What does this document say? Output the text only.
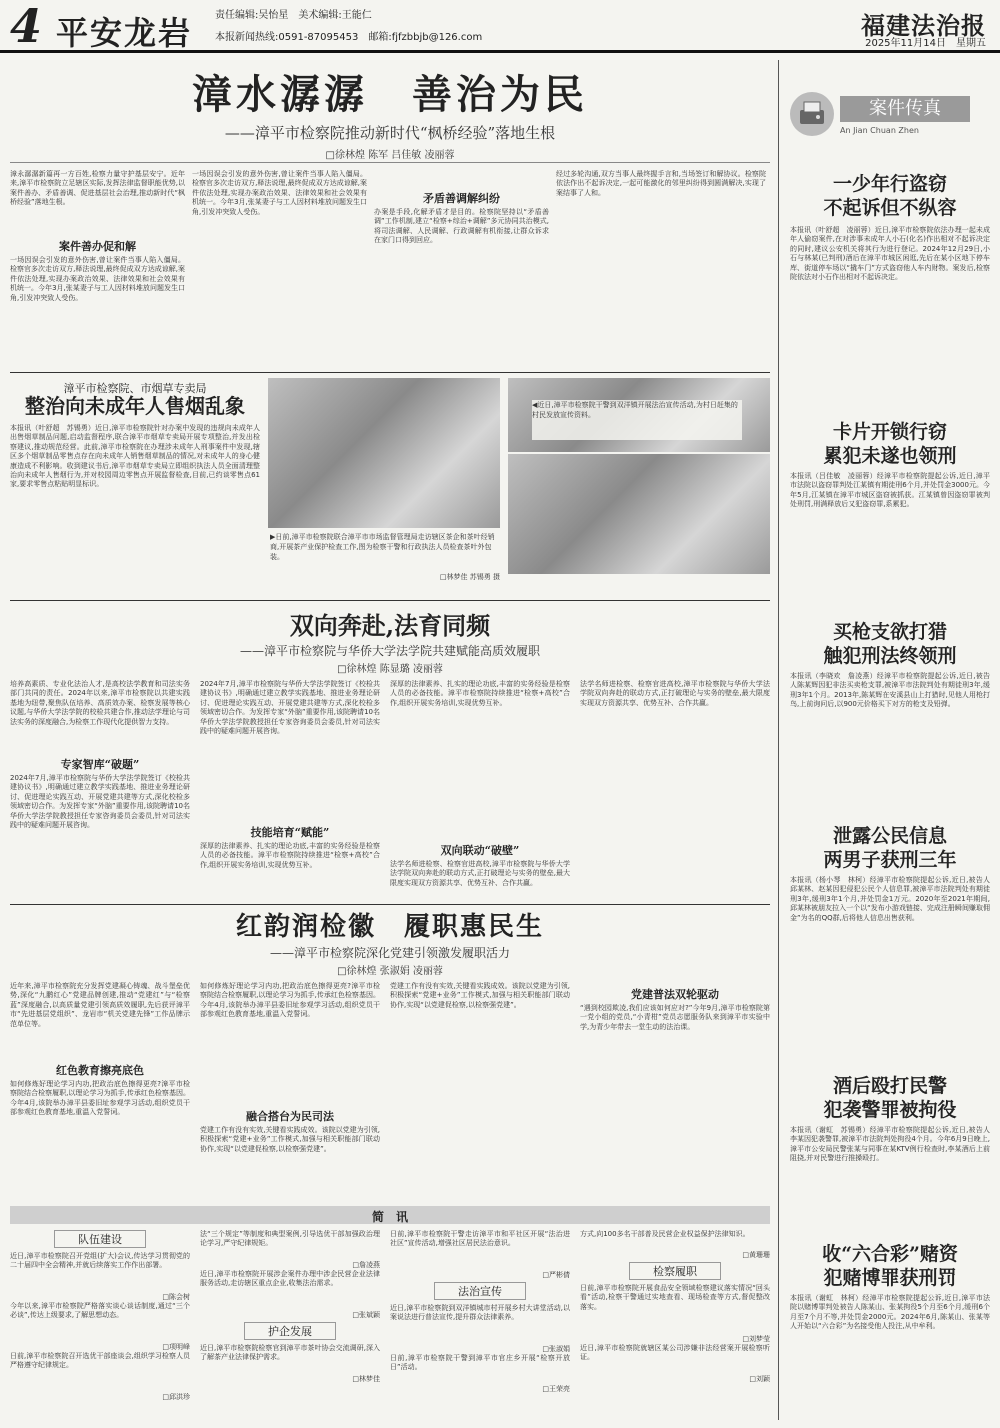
4 平安龙岩 责任编辑:吴怡星　美术编辑:王能仁
本报新闻热线:0591-87095453　邮箱:fjfzbbjb@126.com	福建法治报
2025年11月14日　星期五
漳水潺潺　善治为民
——漳平市检察院推动新时代“枫桥经验”落地生根
□徐林煌 陈军 吕佳敏 凌丽蓉
漳永潺潺新篇再一方百姓,检察力量守护基层安宁。近年来,漳平市检察院立足辖区实际,发挥法律监督职能优势,以案件善办、矛盾善调、促进基层社会治理,推动新时代“枫桥经验”落地生根。
案件善办促和解
一场因误会引发的意外伤害,曾让案件当事人陷入僵局。检察官多次走访双方,释法说理,最终促成双方达成谅解,案件依法处理,实现办案政治效果、法律效果和社会效果有机统一。今年3月,张某妻子与工人因材料堆放问题发生口角,引发冲突致人受伤。
一场因误会引发的意外伤害,曾让案件当事人陷入僵局。检察官多次走访双方,释法说理,最终促成双方达成谅解,案件依法处理,实现办案政治效果、法律效果和社会效果有机统一。今年3月,张某妻子与工人因材料堆放问题发生口角,引发冲突致人受伤。
矛盾善调解纠纷
办案是手段,化解矛盾才是目的。检察院坚持以“矛盾善调”工作机制,建立“检察+综治+调解”多元协同共治模式,将司法调解、人民调解、行政调解有机衔接,让群众诉求在家门口得到回应。
经过多轮沟通,双方当事人最终握手言和,当场签订和解协议。检察院依法作出不起诉决定,一起可能激化的邻里纠纷得到圆满解决,实现了案结事了人和。
漳平市检察院、市烟草专卖局
整治向未成年人售烟乱象
本报讯（叶舒超　苏锡勇）近日,漳平市检察院针对办案中发现的违规向未成年人出售烟草制品问题,启动监督程序,联合漳平市烟草专卖局开展专项整治,并发出检察建议,推动规范经营。此前,漳平市检察院在办理涉未成年人刑事案件中发现,辖区多个烟草制品零售点存在向未成年人销售烟草制品的情况,对未成年人的身心健康造成不利影响。收到建议书后,漳平市烟草专卖局立即组织执法人员全面清理整治向未成年人售烟行为,并对校园周边零售点开展监督检查,目前,已约谈零售点61家,要求零售点粘贴明显标识。
▶日前,漳平市检察院联合漳平市市场监督管理局走访辖区茶企和茶叶经销商,开展茶产业保护检查工作,图为检察干警和行政执法人员检查茶叶外包装。
□林梦佳 苏锡勇 摄
◀近日,漳平市检察院干警到双洋镇开展法治宣传活动,为村日赶集的村民发放宣传资料。
双向奔赴,法育同频
——漳平市检察院与华侨大学法学院共建赋能高质效履职
□徐林煌 陈显璐 凌丽蓉
培养高素质、专业化法治人才,是高校法学教育和司法实务部门共同的责任。2024年以来,漳平市检察院以共建实践基地为纽带,聚焦队伍培养、高质效办案、检察发展等核心议题,与华侨大学法学院的校检共建合作,推动法学理论与司法实务的深度融合,为检察工作现代化提供智力支持。
专家智库“破题”
2024年7月,漳平市检察院与华侨大学法学院签订《校检共建协议书》,明确通过建立教学实践基地、推进业务理论研讨、促进理论实践互动、开展党建共建等方式,深化校检多领域密切合作。为发挥专家“外脑”重要作用,该院聘请10名华侨大学法学院教授担任专家咨询委员会委员,针对司法实践中的疑难问题开展咨询。
2024年7月,漳平市检察院与华侨大学法学院签订《校检共建协议书》,明确通过建立教学实践基地、推进业务理论研讨、促进理论实践互动、开展党建共建等方式,深化校检多领域密切合作。为发挥专家“外脑”重要作用,该院聘请10名华侨大学法学院教授担任专家咨询委员会委员,针对司法实践中的疑难问题开展咨询。
技能培育“赋能”
深厚的法律素养、扎实的理论功底,丰富的实务经验是检察人员的必备技能。漳平市检察院持续推进“检察+高校”合作,组织开展实务培训,实现优势互补。
深厚的法律素养、扎实的理论功底,丰富的实务经验是检察人员的必备技能。漳平市检察院持续推进“检察+高校”合作,组织开展实务培训,实现优势互补。
双向联动“破壁”
法学名师进检察、检察官进高校,漳平市检察院与华侨大学法学院双向奔赴的联动方式,正打破理论与实务的壁垒,最大限度实现双方资源共享、优势互补、合作共赢。
法学名师进检察、检察官进高校,漳平市检察院与华侨大学法学院双向奔赴的联动方式,正打破理论与实务的壁垒,最大限度实现双方资源共享、优势互补、合作共赢。
红韵润检徽　履职惠民生
——漳平市检察院深化党建引领激发履职活力
□徐林煌 张淑娟 凌丽蓉
近年来,漳平市检察院充分发挥党建凝心铸魂、战斗堡垒优势,深化“九鹏红心”党建品牌创建,推动“党建红”与“检察蓝”深度融合,以高质量党建引领高质效履职,先后获评漳平市“先进基层党组织”、龙岩市“机关党建先锋”工作品牌示范单位等。
红色教育擦亮底色
如何修炼好理论学习内功,把政治底色擦得更亮?漳平市检察院结合检察履职,以理论学习为抓手,传承红色检察基因。今年4月,该院举办漳平县委旧址参观学习活动,组织党员干部参观红色教育基地,重温入党誓词。
如何修炼好理论学习内功,把政治底色擦得更亮?漳平市检察院结合检察履职,以理论学习为抓手,传承红色检察基因。今年4月,该院举办漳平县委旧址参观学习活动,组织党员干部参观红色教育基地,重温入党誓词。
融合搭台为民司法
党建工作有没有实效,关键看实践成效。该院以党建为引领,积极探索“党建+业务”工作模式,加强与相关职能部门联动协作,实现“以党建促检察,以检察强党建”。
党建工作有没有实效,关键看实践成效。该院以党建为引领,积极探索“党建+业务”工作模式,加强与相关职能部门联动协作,实现“以党建促检察,以检察强党建”。
党建普法双轮驱动
“遇到校园欺凌,我们应该如何应对?”今年9月,漳平市检察院第一党小组的党员,“小青柑”党员志愿服务队来到漳平市实验中学,为青少年带去一堂生动的法治课。
简　讯
队伍建设
近日,漳平市检察院召开党组(扩大)会议,传达学习贯彻党的二十届四中全会精神,并就后续落实工作作出部署。
□陈会树
今年以来,漳平市检察院严格落实谈心谈话制度,通过“三个必谈”,传达上级要求,了解思想动态。
□项明峰
日前,漳平市检察院召开选优干部座谈会,组织学习检察人员严格遵守纪律规定。
□邱洪珍
法“三个规定”等制度和典型案例,引导选优干部加强政治理论学习,严守纪律规矩。
□詹凌燕
近日,漳平市检察院开展涉企案件办理中涉企民营企业法律服务活动,走访辖区重点企业,收集法治需求。
□张斌颖
护企发展
近日,漳平市检察院检察官到漳平市茶叶协会交流调研,深入了解茶产业法律保护需求。
□林梦佳
日前,漳平市检察院干警走访漳平市和平社区开展“法治进社区”宣传活动,增强社区居民法治意识。
□严彬倩
法治宣传
近日,漳平市检察院到双洋镇城市村开展乡村大讲堂活动,以案说法进行普法宣传,提升群众法律素养。
□张淑娟
日前,漳平市检察院干警到漳平市官庄乡开展“检察开放日”活动。
□王荣亮
方式,向100多名干部普及民营企业权益保护法律知识。
□黄珊珊
检察履职
日前,漳平市检察院开展食品安全领域检察建议落实情况“回头看”活动,检察干警通过实地查看、现场检查等方式,督促整改落实。
□刘梦莹
近日,漳平市检察院就辖区某公司涉嫌非法经营案开展检察听证。
□刘颖
案件传真
An Jian Chuan Zhen
一少年行盗窃
不起诉但不纵容
本报讯（叶舒超　凌丽蓉）近日,漳平市检察院依法办理一起未成年人偷窃案件,在对涉事未成年人小石(化名)作出相对不起诉决定的同时,建议公安机关将其行为进行登记。2024年12月29日,小石与林某(已判刑)酒后在漳平市城区闲逛,先后在某小区地下停车库、街道停车场以“撬车门”方式盗窃他人车内财物。案发后,检察院依法对小石作出相对不起诉决定。
卡片开锁行窃
累犯未遂也领刑
本报讯（吕佳敏　凌丽蓉）经漳平市检察院提起公诉,近日,漳平市法院以盗窃罪判处江某镇有期徒刑6个月,并处罚金3000元。今年5月,江某镇在漳平市城区盗窃被抓获。江某镇曾因盗窃罪被判处刑罚,刑满释放后又犯盗窃罪,系累犯。
买枪支欲打猎
触犯刑法终领刑
本报讯（李晓欢　詹凌燕）经漳平市检察院提起公诉,近日,被告人陈某辉因犯非法买卖枪支罪,被漳平市法院判处有期徒刑3年,缓刑3年1个月。2013年,陈某辉在安溪县山上打猎时,见他人用枪打鸟,上前询问后,以900元价格买下对方的枪支及铅弹。
泄露公民信息
两男子获刑三年
本报讯（杨小琴　林柯）经漳平市检察院提起公诉,近日,被告人邱某林、赵某因犯侵犯公民个人信息罪,被漳平市法院判处有期徒刑3年,缓刑3年1个月,并处罚金1万元。2020年至2021年期间,邱某林被朋友拉入一个以“发布小游戏链接、完成注册瞬间赚取佣金”为名的QQ群,后将他人信息出售获利。
酒后殴打民警
犯袭警罪被拘役
本报讯（谢虹　苏锡勇）经漳平市检察院提起公诉,近日,被告人李某因犯袭警罪,被漳平市法院判处拘役4个月。今年6月9日晚上,漳平市公安局民警张某与同事在某KTV例行检查时,李某酒后上前阻挠,并对民警进行推搡殴打。
收“六合彩”赌资
犯赌博罪获刑罚
本报讯（谢虹　林柯）经漳平市检察院提起公诉,近日,漳平市法院以赌博罪判处被告人陈某山、张某拘役5个月至6个月,缓刑6个月至7个月不等,并处罚金2000元。2024年6月,陈某山、张某等人开始以“六合彩”为名接受他人投注,从中牟利。
